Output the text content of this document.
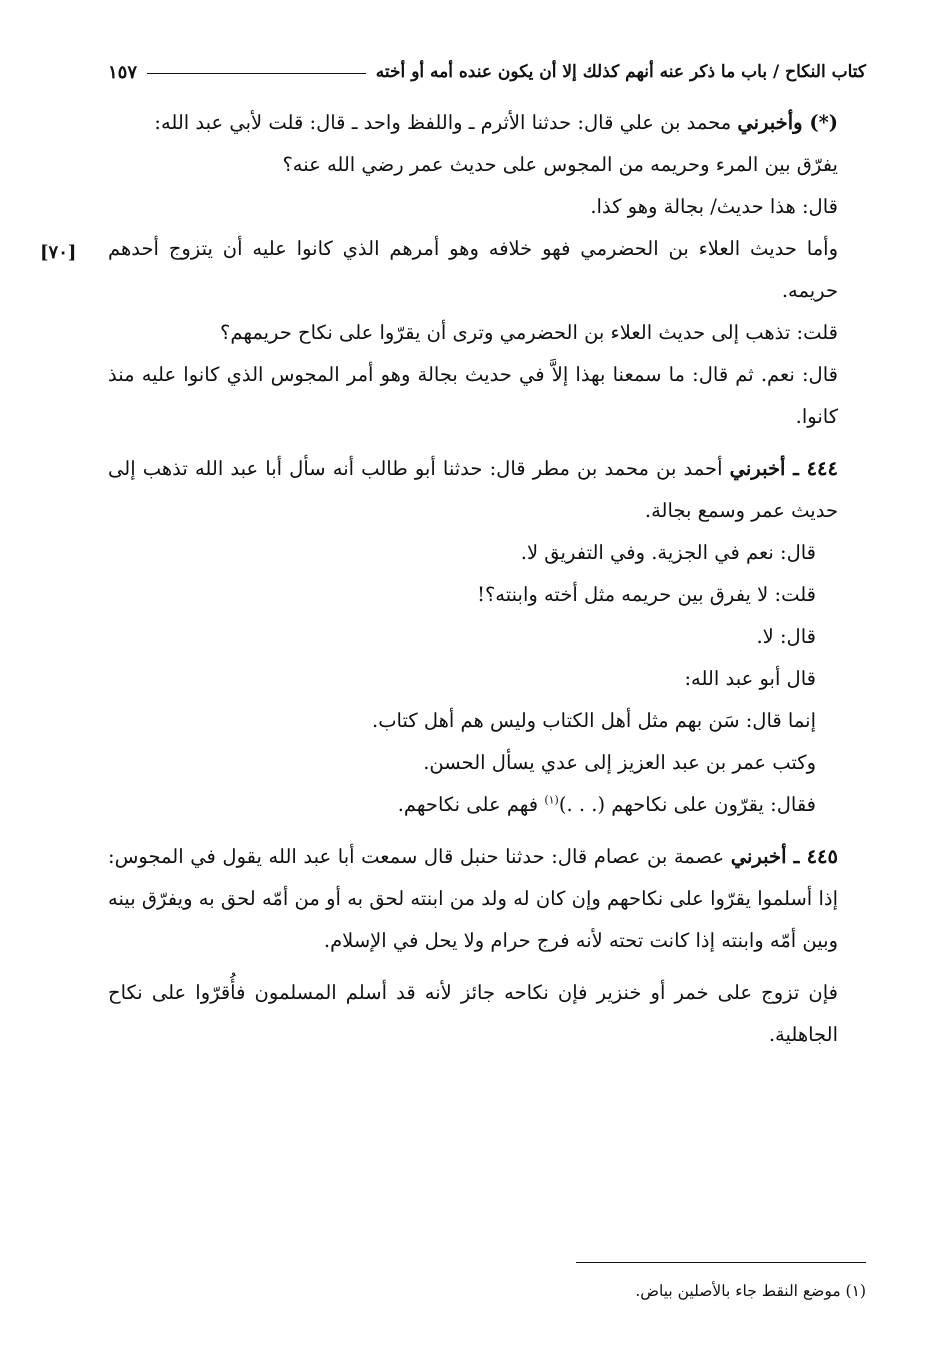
كتاب النكاح / باب ما ذكر عنه أنهم كذلك إلا أن يكون عنده أمه أو أخته
١٥٧
[٧٠]

(*) وأخبرني محمد بن علي قال: حدثنا الأثرم ـ واللفظ واحد ـ قال: قلت لأبي عبد الله:

يفرّق بين المرء وحريمه من المجوس على حديث عمر رضي الله عنه؟

قال: هذا حديث/ بجالة وهو كذا.

وأما حديث العلاء بن الحضرمي فهو خلافه وهو أمرهم الذي كانوا عليه أن يتزوج أحدهم حريمه.

قلت: تذهب إلى حديث العلاء بن الحضرمي وترى أن يقرّوا على نكاح حريمهم؟

قال: نعم. ثم قال: ما سمعنا بهذا إلاَّ في حديث بجالة وهو أمر المجوس الذي كانوا عليه منذ كانوا.

٤٤٤ ـ أخبرني أحمد بن محمد بن مطر قال: حدثنا أبو طالب أنه سأل أبا عبد الله تذهب إلى حديث عمر وسمع بجالة.

قال: نعم في الجزية. وفي التفريق لا.

قلت: لا يفرق بين حريمه مثل أخته وابنته؟!

قال: لا.

قال أبو عبد الله:

إنما قال: سَن بهم مثل أهل الكتاب وليس هم أهل كتاب.

وكتب عمر بن عبد العزيز إلى عدي يسأل الحسن.

فقال: يقرّون على نكاحهم (. . .)$^{(١)}$ فهم على نكاحهم.

٤٤٥ ـ أخبرني عصمة بن عصام قال: حدثنا حنبل قال سمعت أبا عبد الله يقول في المجوس: إذا أسلموا يقرّوا على نكاحهم وإن كان له ولد من ابنته لحق به أو من أمّه لحق به ويفرّق بينه وبين أمّه وابنته إذا كانت تحته لأنه فرج حرام ولا يحل في الإسلام.

فإن تزوج على خمر أو خنزير فإن نكاحه جائز لأنه قد أسلم المسلمون فأُقرّوا على نكاح الجاهلية.

(١) موضع النقط جاء بالأصلين بياض.
